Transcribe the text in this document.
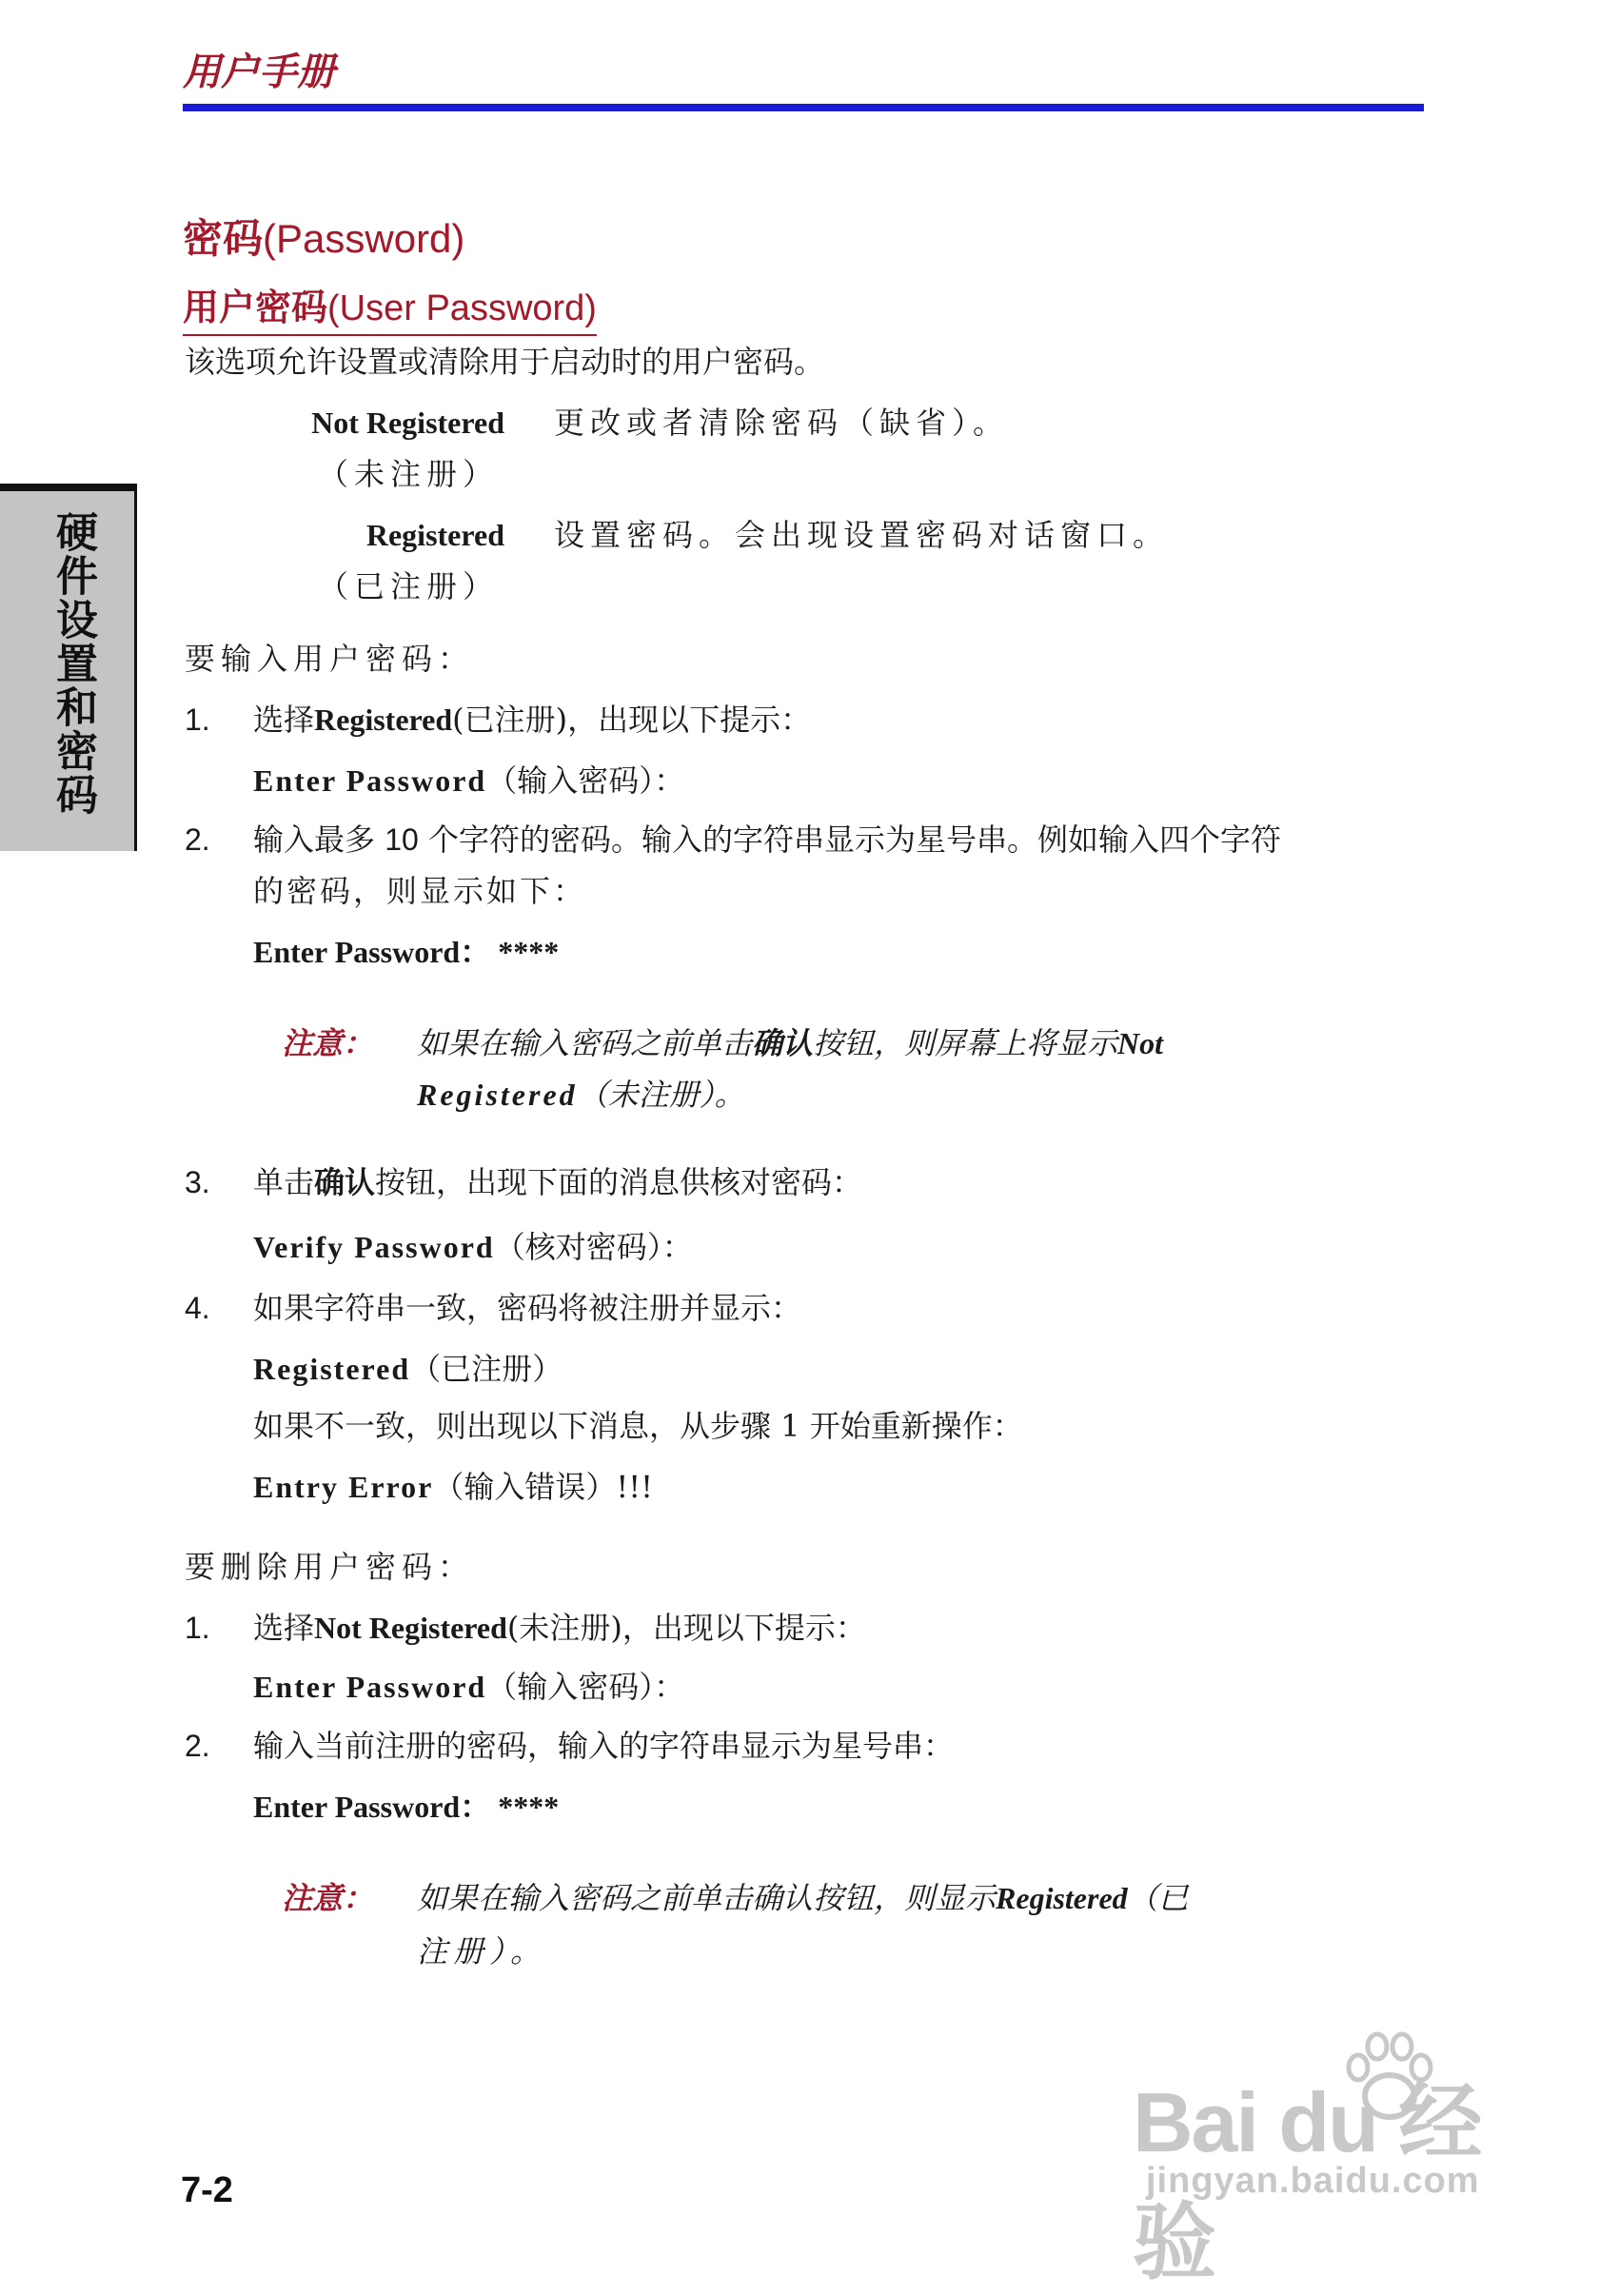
用户手册
硬件设置和密码
密码(Password)
用户密码(User Password)
该选项允许设置或清除用于启动时的用户密码。
Not Registered 更改或者清除密码（缺省）。
（未注册）
Registered 设置密码。会出现设置密码对话窗口。
（已注册）
要输入用户密码：
1. 选择Registered(已注册)，出现以下提示：
Enter Password（输入密码）：
2. 输入最多 10 个字符的密码。输入的字符串显示为星号串。例如输入四个字符
的密码，则显示如下：
Enter Password： ****
注意： 如果在输入密码之前单击确认按钮，则屏幕上将显示Not
Registered（未注册）。
3. 单击确认按钮，出现下面的消息供核对密码：
Verify Password（核对密码）：
4. 如果字符串一致，密码将被注册并显示：
Registered（已注册）
如果不一致，则出现以下消息，从步骤 1 开始重新操作：
Entry Error（输入错误）!!!
要删除用户密码：
1. 选择Not Registered(未注册)，出现以下提示：
Enter Password（输入密码）：
2. 输入当前注册的密码，输入的字符串显示为星号串：
Enter Password： ****
注意： 如果在输入密码之前单击确认按钮，则显示Registered（已
注册）。
7-2
Bai du 经验
jingyan.baidu.com
